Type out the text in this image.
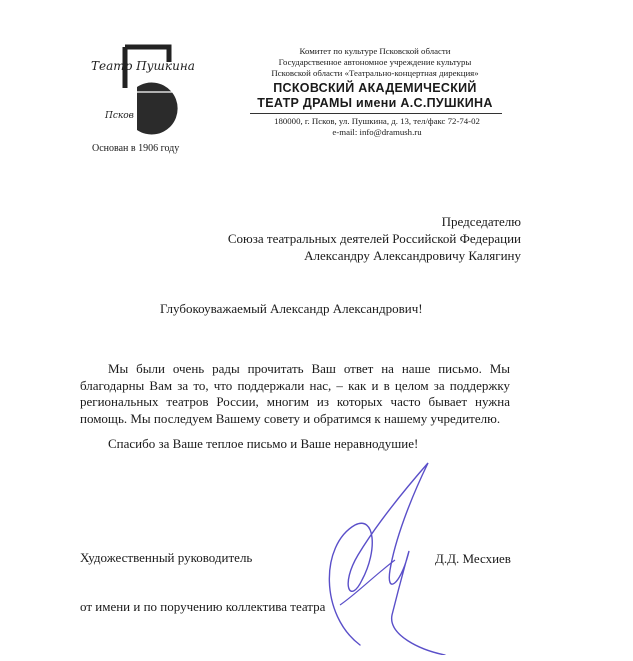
Театр Пушкина
Псков
Основан в 1906 году
Комитет по культуре Псковской области
Государственное автономное учреждение культуры
Псковской области «Театрально-концертная дирекция»
ПСКОВСКИЙ АКАДЕМИЧЕСКИЙ
ТЕАТР ДРАМЫ имени А.С.ПУШКИНА
180000, г. Псков, ул. Пушкина, д. 13, тел/факс 72-74-02
e-mail: info@dramush.ru
Председателю
Союза театральных деятелей Российской Федерации
Александру Александровичу Калягину
Глубокоуважаемый Александр Александрович!

Мы были очень рады прочитать Ваш ответ на наше письмо. Мы благодарны Вам за то, что поддержали нас, – как и в целом за поддержку региональных театров России, многим из которых часто бывает нужна помощь. Мы последуем Вашему совету и обратимся к нашему учредителю.

Спасибо за Ваше теплое письмо и Ваше неравнодушие!

Художественный руководитель	Д.Д. Месхиев
от имени и по поручению коллектива театра
